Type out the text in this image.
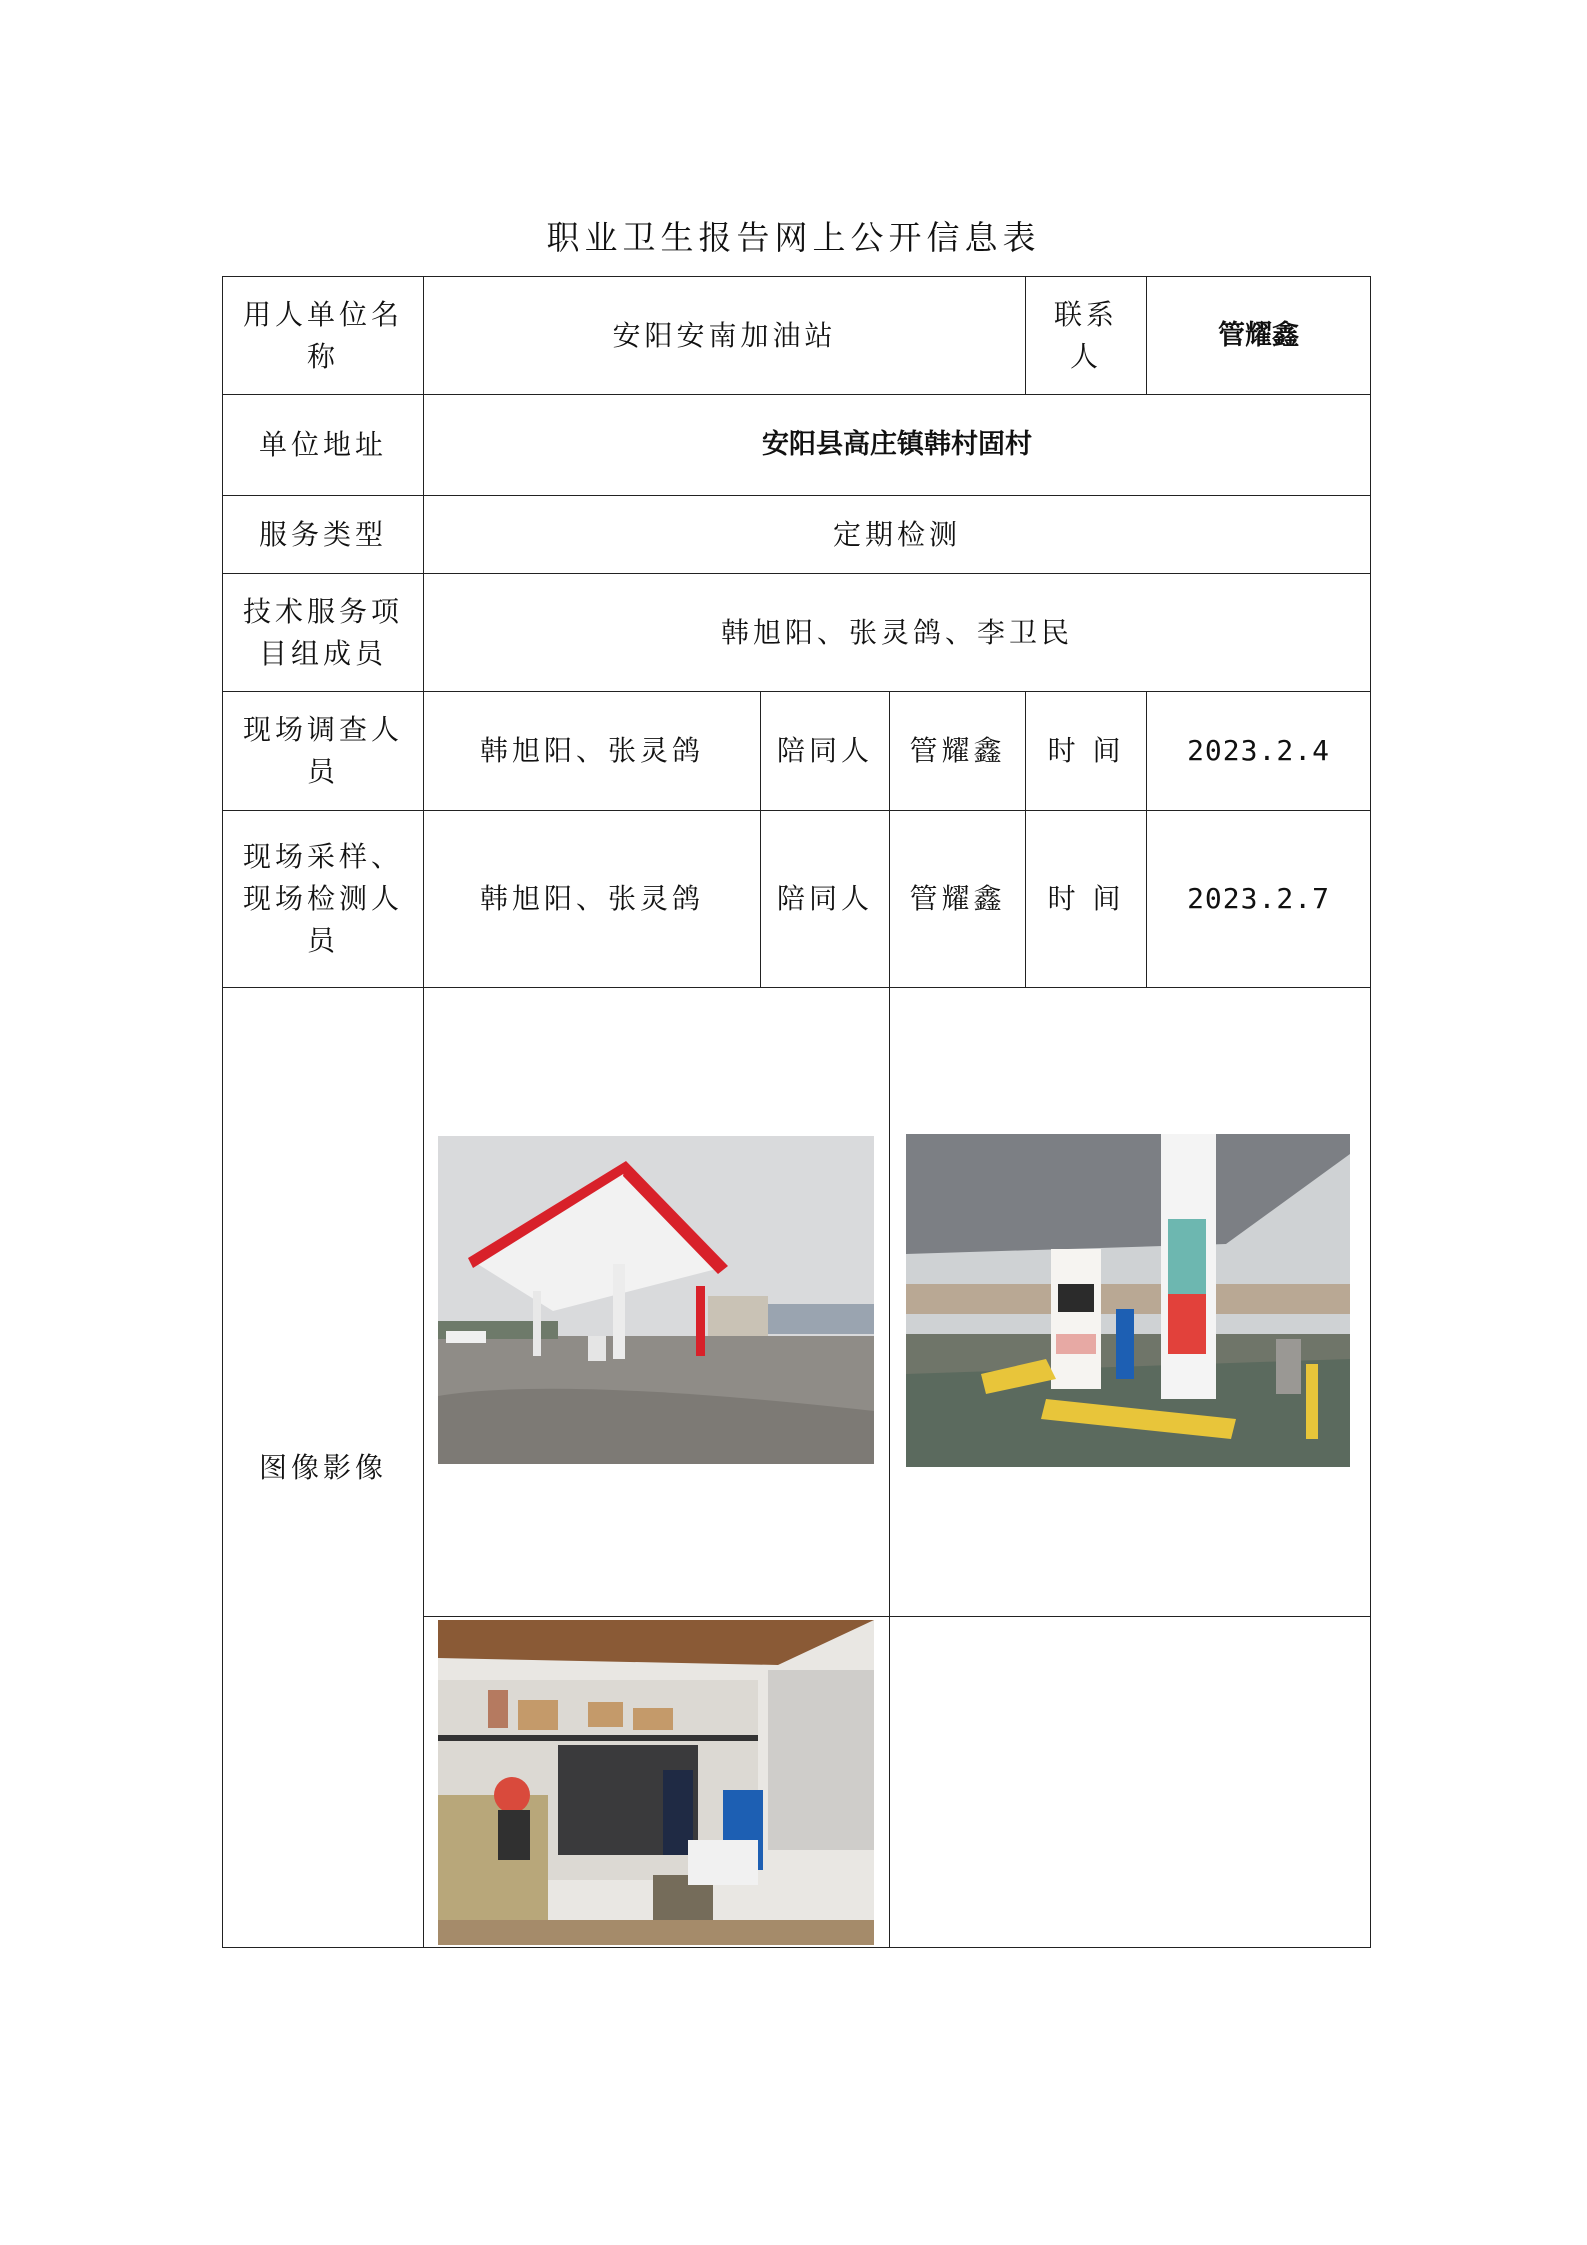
职业卫生报告网上公开信息表
用人单位名称	安阳安南加油站			联系人	管耀鑫
单位地址	安阳县高庄镇韩村固村				
服务类型	定期检测				
技术服务项目组成员	韩旭阳、张灵鸽、李卫民				
现场调查人员	韩旭阳、张灵鸽	陪同人	管耀鑫	时 间	2023.2.4
现场采样、现场检测人员	韩旭阳、张灵鸽	陪同人	管耀鑫	时 间	2023.2.7
图像影像	
